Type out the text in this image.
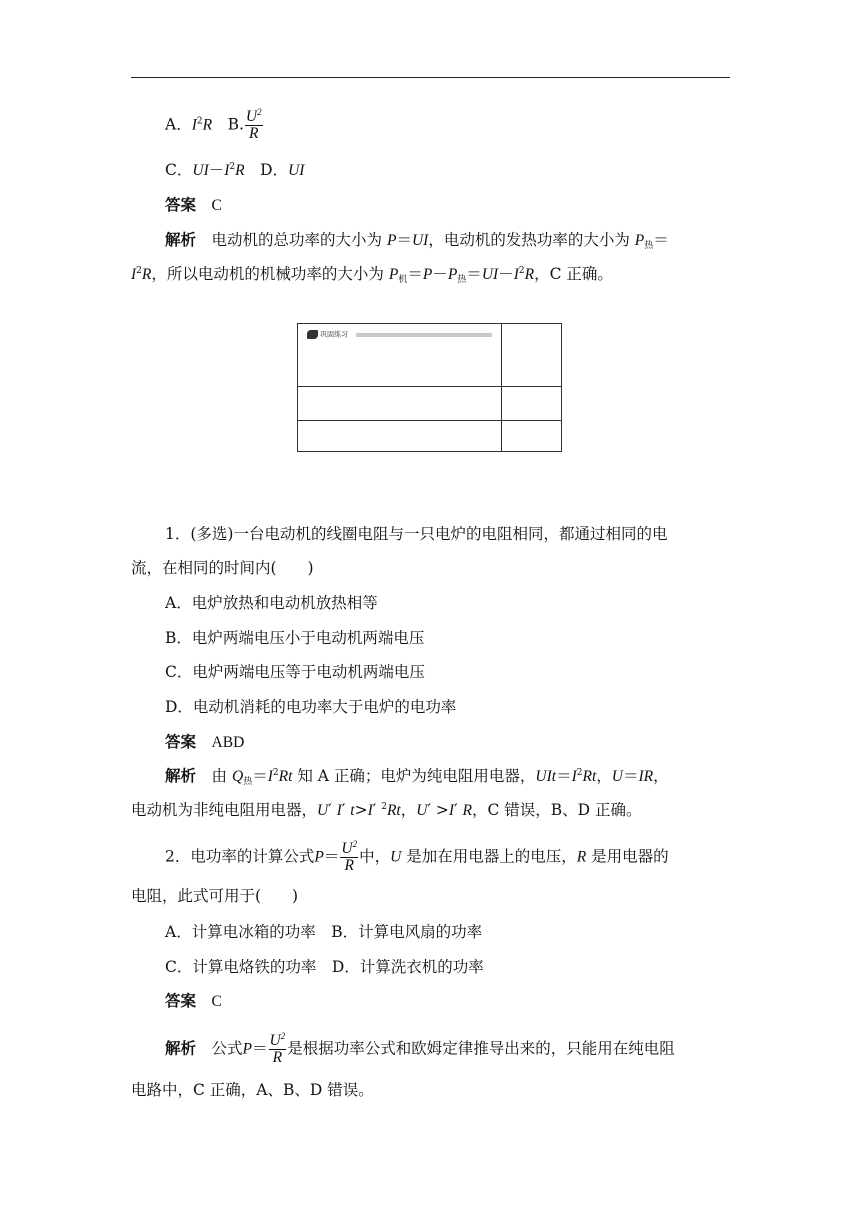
A．$I^2R$　 B. $\frac{U^2}{R}$
C．$UI-I^2R$　 D．UI
答案　 C
解析　 电动机的总功率的大小为 P＝UI，电动机的发热功率的大小为 $P_热=$
$I^2R$，所以电动机的机械功率的大小为 $P_机=P-P_热=UI-I^2R$，C 正确。
巩固练习
1．(多选)一台电动机的线圈电阻与一只电炉的电阻相同，都通过相同的电
流，在相同的时间内(　　)
A．电炉放热和电动机放热相等
B．电炉两端电压小于电动机两端电压
C．电炉两端电压等于电动机两端电压
D．电动机消耗的电功率大于电炉的电功率
答案　 ABD
解析　 由 $Q_热=I^2Rt$ 知 A 正确；电炉为纯电阻用电器，$UIt=I^2Rt$，U＝IR，
电动机为非纯电阻用电器，U′ I′ t>I′ $^2$Rt，U′ >I′ R，C 错误，B、D 正确。
2．电功率的计算公式$P= \frac{U^2}{R}$ 中，U 是加在用电器上的电压，R 是用电器的
电阻，此式可用于(　　)
A．计算电冰箱的功率　B．计算电风扇的功率
C．计算电烙铁的功率　D．计算洗衣机的功率
答案　 C
解析　 公式$P= \frac{U^2}{R}$ 是根据功率公式和欧姆定律推导出来的，只能用在纯电阻
电路中，C 正确，A、B、D 错误。
